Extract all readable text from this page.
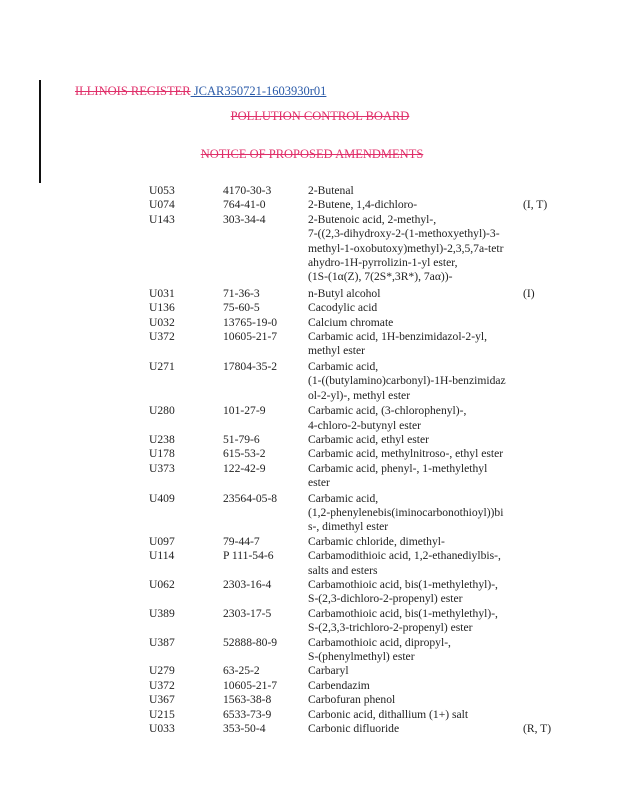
ILLINOIS REGISTER JCAR350721-1603930r01
POLLUTION CONTROL BOARD
NOTICE OF PROPOSED AMENDMENTS
U053	4170-30-3	2-Butenal
U074	764-41-0	2-Butene, 1,4-dichloro-	(I, T)
U143	303-34-4	2-Butenoic acid, 2-methyl-,
7-((2,3-dihydroxy-2-(1-methoxyethyl)-3-
methyl-1-oxobutoxy)methyl)-2,3,5,7a-tetr
ahydro-1H-pyrrolizin-1-yl ester,
(1S-(1α(Z), 7(2S*,3R*), 7aα))-
U031	71-36-3	n-Butyl alcohol	(I)
U136	75-60-5	Cacodylic acid
U032	13765-19-0	Calcium chromate
U372	10605-21-7	Carbamic acid, 1H-benzimidazol-2-yl,
methyl ester
U271	17804-35-2	Carbamic acid,
(1-((butylamino)carbonyl)-1H-benzimidaz
ol-2-yl)-, methyl ester
U280	101-27-9	Carbamic acid, (3-chlorophenyl)-,
4-chloro-2-butynyl ester
U238	51-79-6	Carbamic acid, ethyl ester
U178	615-53-2	Carbamic acid, methylnitroso-, ethyl ester
U373	122-42-9	Carbamic acid, phenyl-, 1-methylethyl
ester
U409	23564-05-8	Carbamic acid,
(1,2-phenylenebis(iminocarbonothioyl))bi
s-, dimethyl ester
U097	79-44-7	Carbamic chloride, dimethyl-
U114	P 111-54-6	Carbamodithioic acid, 1,2-ethanediylbis-,
salts and esters
U062	2303-16-4	Carbamothioic acid, bis(1-methylethyl)-,
S-(2,3-dichloro-2-propenyl) ester
U389	2303-17-5	Carbamothioic acid, bis(1-methylethyl)-,
S-(2,3,3-trichloro-2-propenyl) ester
U387	52888-80-9	Carbamothioic acid, dipropyl-,
S-(phenylmethyl) ester
U279	63-25-2	Carbaryl
U372	10605-21-7	Carbendazim
U367	1563-38-8	Carbofuran phenol
U215	6533-73-9	Carbonic acid, dithallium (1+) salt
U033	353-50-4	Carbonic difluoride	(R, T)
